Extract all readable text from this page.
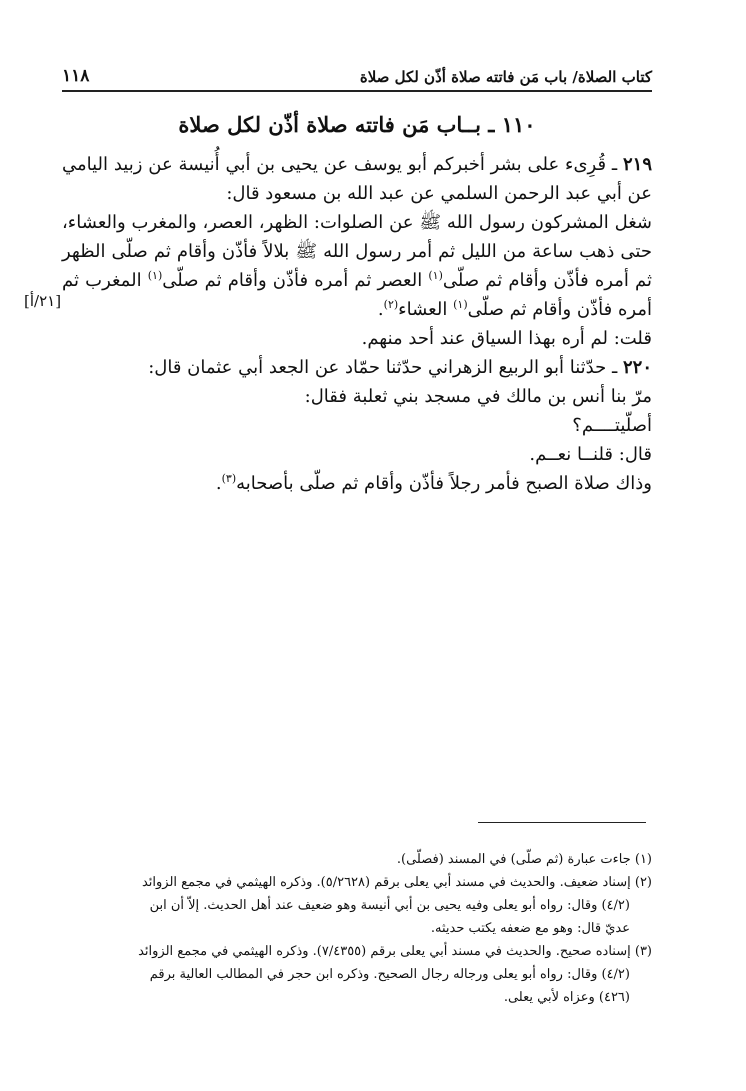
كتاب الصلاة/ باب مَن فاتته صلاة أذّن لكل صلاة
١١٨
١١٠ ـ بــاب مَن فاتته صلاة أذّن لكل صلاة
[٢١/أ]

٢١٩ ـ قُرِىء على بشر أخبركم أبو يوسف عن يحيى بن أبي أُنيسة عن زبيد اليامي عن أبي عبد الرحمن السلمي عن عبد الله بن مسعود قال:

شغل المشركون رسول الله ﷺ عن الصلوات: الظهر، العصر، والمغرب والعشاء، حتى ذهب ساعة من الليل ثم أمر رسول الله ﷺ بلالاً فأذّن وأقام ثم صلّى الظهر ثم أمره فأذّن وأقام ثم صلّى$^{(١)}$ العصر ثم أمره فأذّن وأقام ثم صلّى$^{(١)}$ المغرب ثم أمره فأذّن وأقام ثم صلّى$^{(١)}$ العشاء$^{(٢)}$.

قلت: لم أره بهذا السياق عند أحد منهم.

٢٢٠ ـ حدّثنا أبو الربيع الزهراني حدّثنا حمّاد عن الجعد أبي عثمان قال:

مرّ بنا أنس بن مالك في مسجد بني ثعلبة فقال:

أصلّيتــــم؟

قال: قلنــا نعــم.

وذاك صلاة الصبح فأمر رجلاً فأذّن وأقام ثم صلّى بأصحابه$^{(٣)}$.

(١) جاءت عبارة (ثم صلّى) في المسند (فصلّى).

(٢) إسناد ضعيف. والحديث في مسند أبي يعلى برقم (٥/٢٦٢٨). وذكره الهيثمي في مجمع الزوائد

(٤/٢) وقال: رواه أبو يعلى وفيه يحيى بن أبي أنيسة وهو ضعيف عند أهل الحديث. إلاّ أن ابن

عديّ قال: وهو مع ضعفه يكتب حديثه.

(٣) إسناده صحيح. والحديث في مسند أبي يعلى برقم (٧/٤٣٥٥). وذكره الهيثمي في مجمع الزوائد

(٤/٢) وقال: رواه أبو يعلى ورجاله رجال الصحيح. وذكره ابن حجر في المطالب العالية برقم

(٤٢٦) وعزاه لأبي يعلى.
